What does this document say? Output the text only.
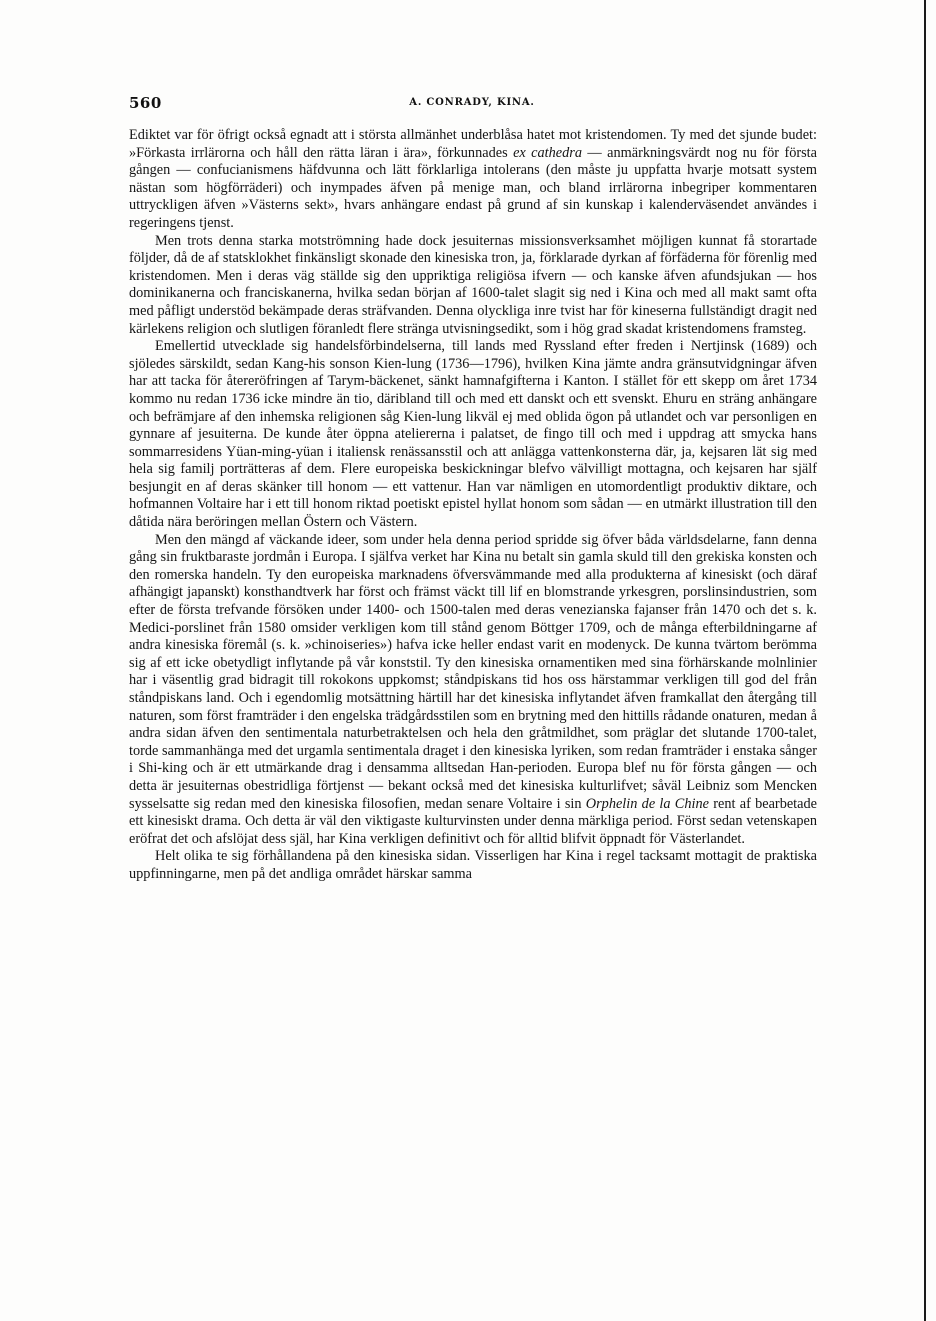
560	A. CONRADY, KINA.

Ediktet var för öfrigt också egnadt att i största allmänhet underblåsa hatet mot kristendomen. Ty med det sjunde budet: »Förkasta irrlärorna och håll den rätta läran i ära», förkunnades ex cathedra — anmärkningsvärdt nog nu för första gången — confucianismens häfdvunna och lätt förklarliga intolerans (den måste ju uppfatta hvarje motsatt system nästan som högförräderi) och inympades äfven på menige man, och bland irrlärorna inbegriper kommentaren uttryckligen äfven »Västerns sekt», hvars anhängare endast på grund af sin kunskap i kalenderväsendet användes i regeringens tjenst.

Men trots denna starka motströmning hade dock jesuiternas missionsverksamhet möjligen kunnat få storartade följder, då de af statsklokhet finkänsligt skonade den kinesiska tron, ja, förklarade dyrkan af förfäderna för förenlig med kristendomen. Men i deras väg ställde sig den uppriktiga religiösa ifvern — och kanske äfven afundsjukan — hos dominikanerna och franciskanerna, hvilka sedan början af 1600-talet slagit sig ned i Kina och med all makt samt ofta med påfligt understöd bekämpade deras sträfvanden. Denna olyckliga inre tvist har för kineserna fullständigt dragit ned kärlekens religion och slutligen föranledt flere stränga utvisningsedikt, som i hög grad skadat kristendomens framsteg.

Emellertid utvecklade sig handelsförbindelserna, till lands med Ryssland efter freden i Nertjinsk (1689) och sjöledes särskildt, sedan Kang-his sonson Kien-lung (1736—1796), hvilken Kina jämte andra gränsutvidgningar äfven har att tacka för återeröfringen af Tarym-bäckenet, sänkt hamnafgifterna i Kanton. I stället för ett skepp om året 1734 kommo nu redan 1736 icke mindre än tio, däribland till och med ett danskt och ett svenskt. Ehuru en sträng anhängare och befrämjare af den inhemska religionen såg Kien-lung likväl ej med oblida ögon på utlandet och var personligen en gynnare af jesuiterna. De kunde åter öppna ateliererna i palatset, de fingo till och med i uppdrag att smycka hans sommarresidens Yüan-ming-yüan i italiensk renässansstil och att anlägga vattenkonsterna där, ja, kejsaren lät sig med hela sig familj porträtteras af dem. Flere europeiska beskickningar blefvo välvilligt mottagna, och kejsaren har själf besjungit en af deras skänker till honom — ett vattenur. Han var nämligen en utomordentligt produktiv diktare, och hofmannen Voltaire har i ett till honom riktad poetiskt epistel hyllat honom som sådan — en utmärkt illustration till den dåtida nära beröringen mellan Östern och Västern.

Men den mängd af väckande ideer, som under hela denna period spridde sig öfver båda världsdelarne, fann denna gång sin fruktbaraste jordmån i Europa. I själfva verket har Kina nu betalt sin gamla skuld till den grekiska konsten och den romerska handeln. Ty den europeiska marknadens öfversvämmande med alla produkterna af kinesiskt (och däraf afhängigt japanskt) konsthandtverk har först och främst väckt till lif en blomstrande yrkesgren, porslinsindustrien, som efter de första trefvande försöken under 1400- och 1500-talen med deras venezianska fajanser från 1470 och det s. k. Medici-porslinet från 1580 omsider verkligen kom till stånd genom Böttger 1709, och de många efterbildningarne af andra kinesiska föremål (s. k. »chinoiseries») hafva icke heller endast varit en modenyck. De kunna tvärtom berömma sig af ett icke obetydligt inflytande på vår konststil. Ty den kinesiska ornamentiken med sina förhärskande molnlinier har i väsentlig grad bidragit till rokokons uppkomst; ståndpiskans tid hos oss härstammar verkligen till god del från ståndpiskans land. Och i egendomlig motsättning härtill har det kinesiska inflytandet äfven framkallat den återgång till naturen, som först framträder i den engelska trädgårdsstilen som en brytning med den hittills rådande onaturen, medan å andra sidan äfven den sentimentala naturbetraktelsen och hela den gråtmildhet, som präglar det slutande 1700-talet, torde sammanhänga med det urgamla sentimentala draget i den kinesiska lyriken, som redan framträder i enstaka sånger i Shi-king och är ett utmärkande drag i densamma alltsedan Han-perioden. Europa blef nu för första gången — och detta är jesuiternas obestridliga förtjenst — bekant också med det kinesiska kulturlifvet; såväl Leibniz som Mencken sysselsatte sig redan med den kinesiska filosofien, medan senare Voltaire i sin Orphelin de la Chine rent af bearbetade ett kinesiskt drama. Och detta är väl den viktigaste kulturvinsten under denna märkliga period. Först sedan vetenskapen eröfrat det och afslöjat dess själ, har Kina verkligen definitivt och för alltid blifvit öppnadt för Västerlandet.

Helt olika te sig förhållandena på den kinesiska sidan. Visserligen har Kina i regel tacksamt mottagit de praktiska uppfinningarne, men på det andliga området härskar samma
